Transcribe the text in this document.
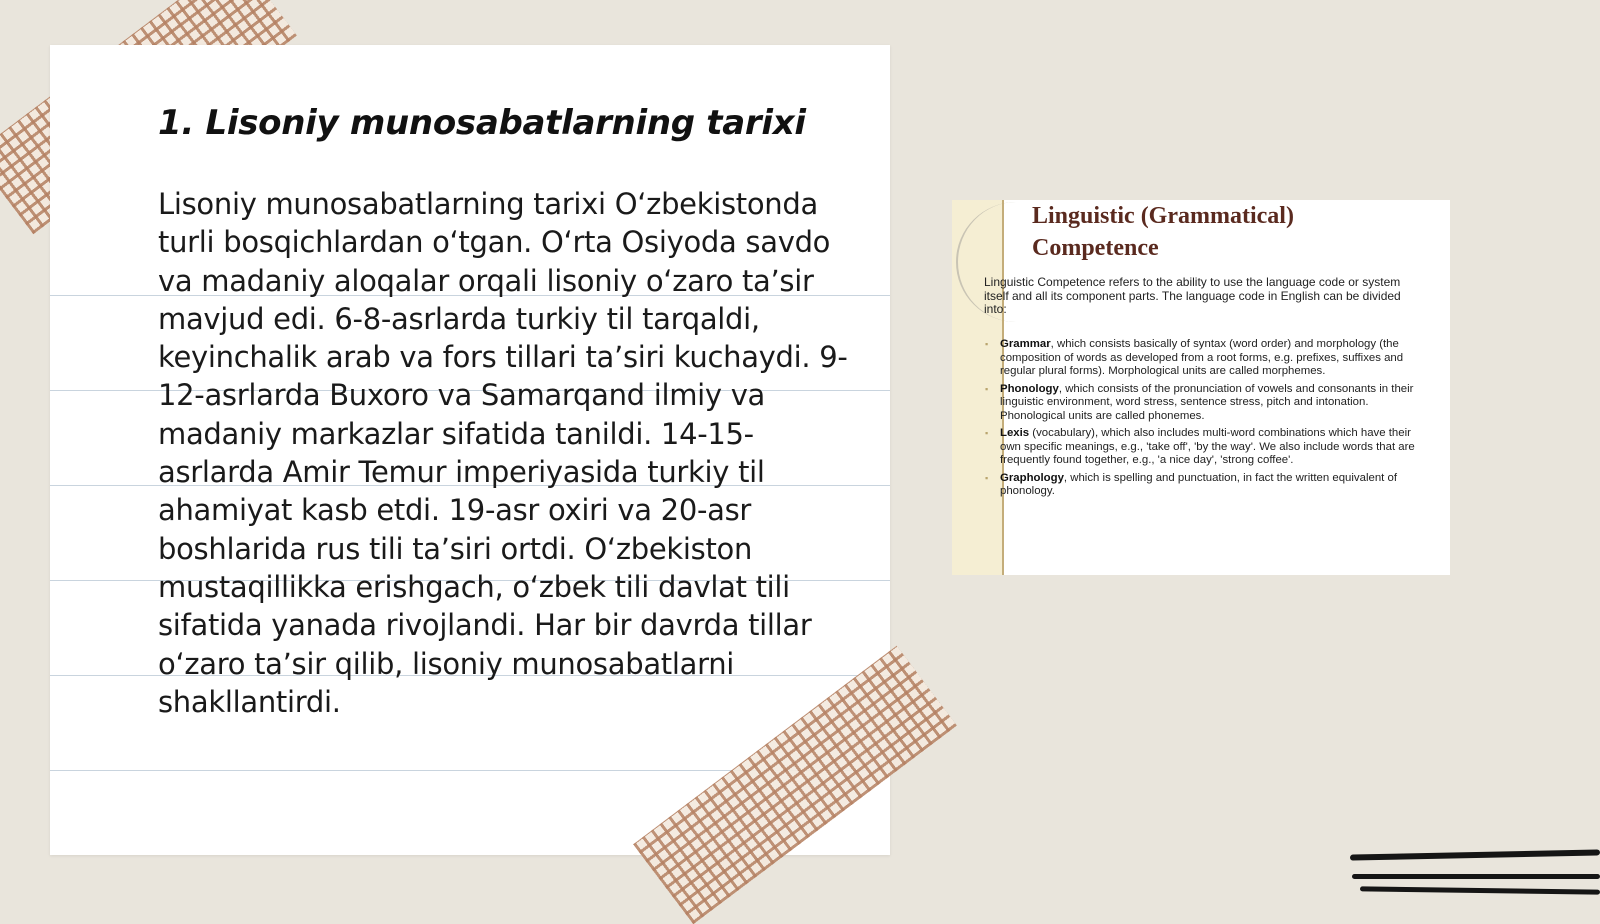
1. Lisoniy munosabatlarning tarixi

Lisoniy munosabatlarning tarixi O‘zbekistonda turli bosqichlardan o‘tgan. O‘rta Osiyoda savdo va madaniy aloqalar orqali lisoniy o‘zaro ta’sir mavjud edi. 6-8-asrlarda turkiy til tarqaldi, keyinchalik arab va fors tillari ta’siri kuchaydi. 9-12-asrlarda Buxoro va Samarqand ilmiy va madaniy markazlar sifatida tanildi. 14-15-asrlarda Amir Temur imperiyasida turkiy til ahamiyat kasb etdi. 19-asr oxiri va 20-asr boshlarida rus tili ta’siri ortdi. O‘zbekiston mustaqillikka erishgach, o‘zbek tili davlat tili sifatida yanada rivojlandi. Har bir davrda tillar o‘zaro ta’sir qilib, lisoniy munosabatlarni shakllantirdi.

Linguistic (Grammatical)
Competence

Linguistic Competence refers to the ability to use the language code or system itself and all its component parts. The language code in English can be divided into:

▪ Grammar, which consists basically of syntax (word order) and morphology (the composition of words as developed from a root forms, e.g. prefixes, suffixes and regular plural forms). Morphological units are called morphemes.
▪ Phonology, which consists of the pronunciation of vowels and consonants in their linguistic environment, word stress, sentence stress, pitch and intonation. Phonological units are called phonemes.
▪ Lexis (vocabulary), which also includes multi-word combinations which have their own specific meanings, e.g., 'take off', 'by the way'. We also include words that are frequently found together, e.g., 'a nice day', 'strong coffee'.
▪ Graphology, which is spelling and punctuation, in fact the written equivalent of phonology.
